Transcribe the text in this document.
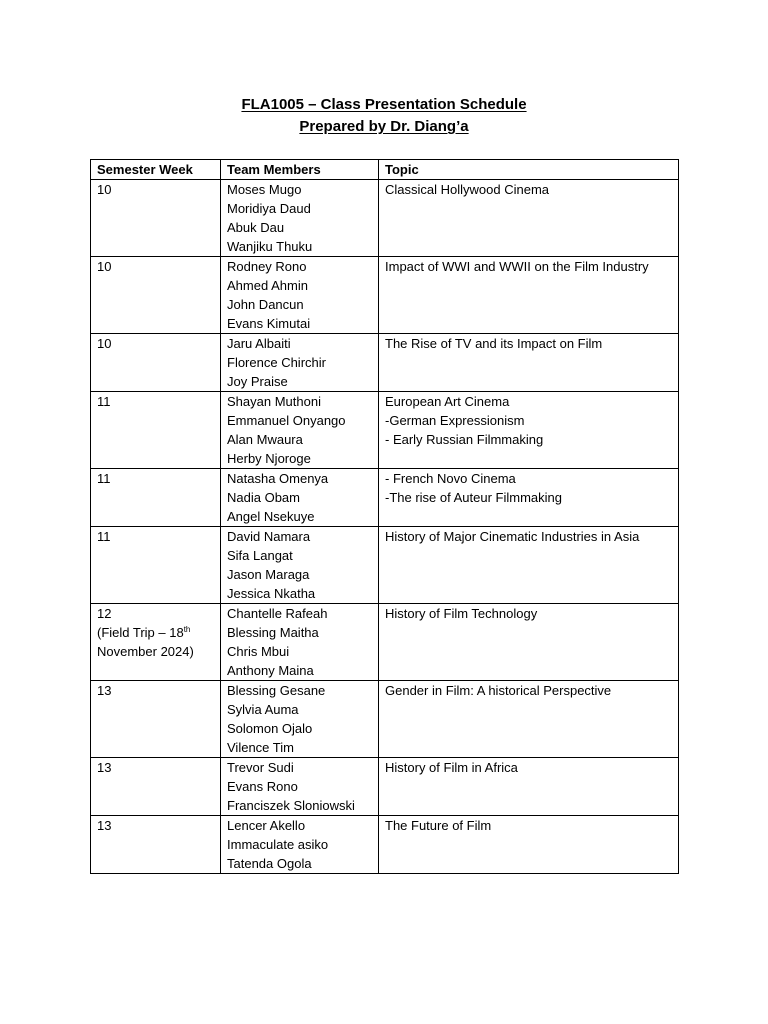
FLA1005 – Class Presentation Schedule
Prepared by Dr. Diang’a
Semester Week	Team Members	Topic

10	Moses Mugo
Moridiya Daud
Abuk Dau
Wanjiku Thuku	Classical Hollywood Cinema

10	Rodney Rono
Ahmed Ahmin
John Dancun
Evans Kimutai	Impact of WWI and WWII on the Film Industry

10	Jaru Albaiti
Florence Chirchir
Joy Praise	The Rise of TV and its Impact on Film

11	Shayan Muthoni
Emmanuel Onyango
Alan Mwaura
Herby Njoroge	European Art Cinema
-German Expressionism
- Early Russian Filmmaking

11	Natasha Omenya
Nadia Obam
Angel Nsekuye	- French Novo Cinema
-The rise of Auteur Filmmaking

11	David Namara
Sifa Langat
Jason Maraga
Jessica Nkatha	History of Major Cinematic Industries in Asia

12
(Field Trip – 18th
November 2024)	Chantelle Rafeah
Blessing Maitha
Chris Mbui
Anthony Maina	History of Film Technology

13	Blessing Gesane
Sylvia Auma
Solomon Ojalo
Vilence Tim	Gender in Film: A historical Perspective

13	Trevor Sudi
Evans Rono
Franciszek Sloniowski	History of Film in Africa

13	Lencer Akello
Immaculate asiko
Tatenda Ogola	The Future of Film
